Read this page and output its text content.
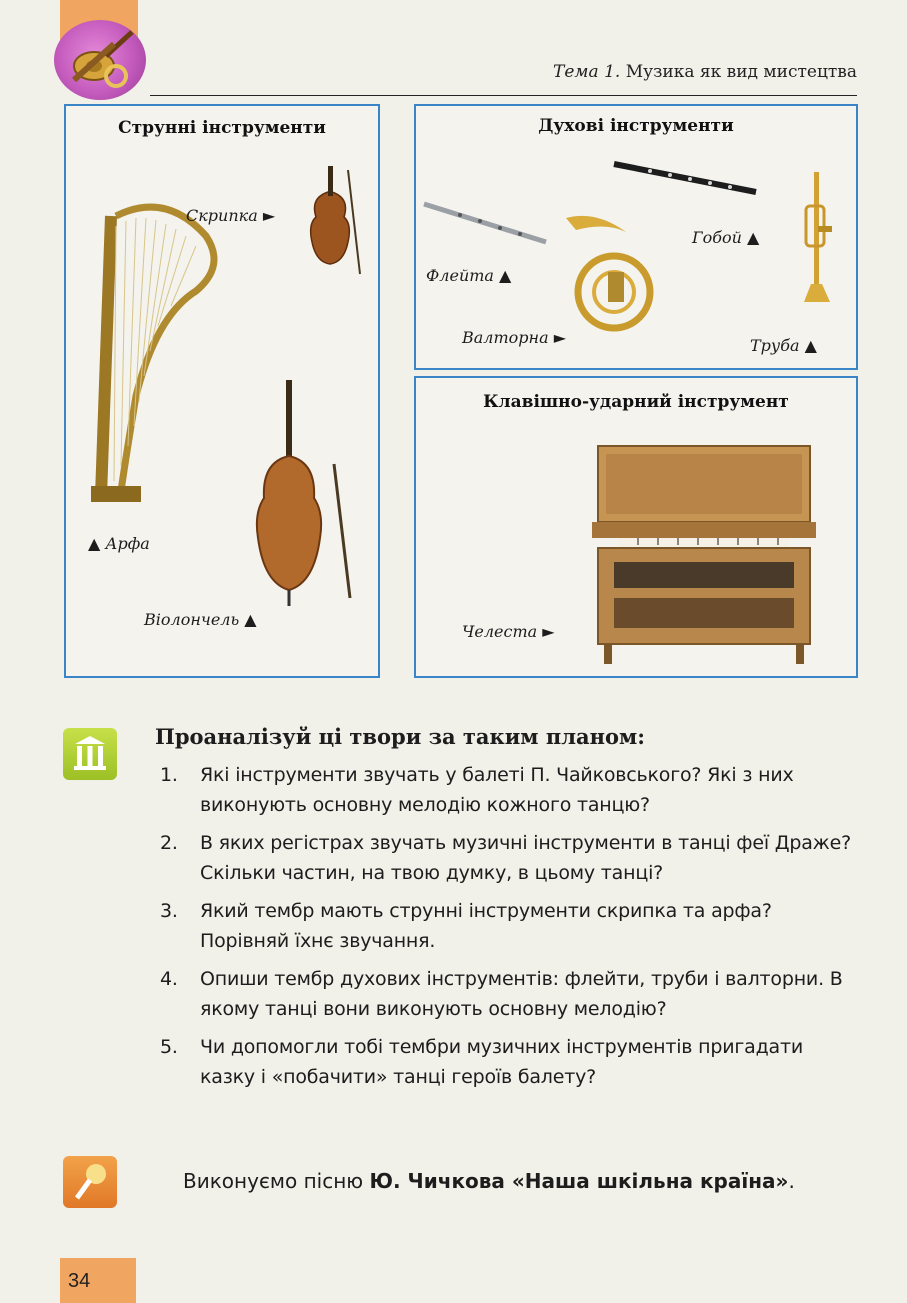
Тема 1. Музика як вид мистецтва
Струнні інструменти
Скрипка ►
▲ Арфа
Віолончель ▲
Духові інструменти
Гобой ▲
Флейта ▲
Валторна ►	Труба ▲
Клавішно-ударний інструмент
Челеста ►
Проаналізуй ці твори за таким планом:
1. Які інструменти звучать у балеті П. Чайковського? Які з них виконують основну мелодію кожного танцю?
2. В яких регістрах звучать музичні інструменти в танці феї Драже? Скільки частин, на твою думку, в цьому танці?
3. Який тембр мають струнні інструменти скрипка та арфа? Порівняй їхнє звучання.
4. Опиши тембр духових інструментів: флейти, труби і валторни. В якому танці вони виконують основну мелодію?
5. Чи допомогли тобі тембри музичних інструментів пригадати казку і «побачити» танці героїв балету?
Виконуємо пісню Ю. Чичкова «Наша шкільна країна».
34
